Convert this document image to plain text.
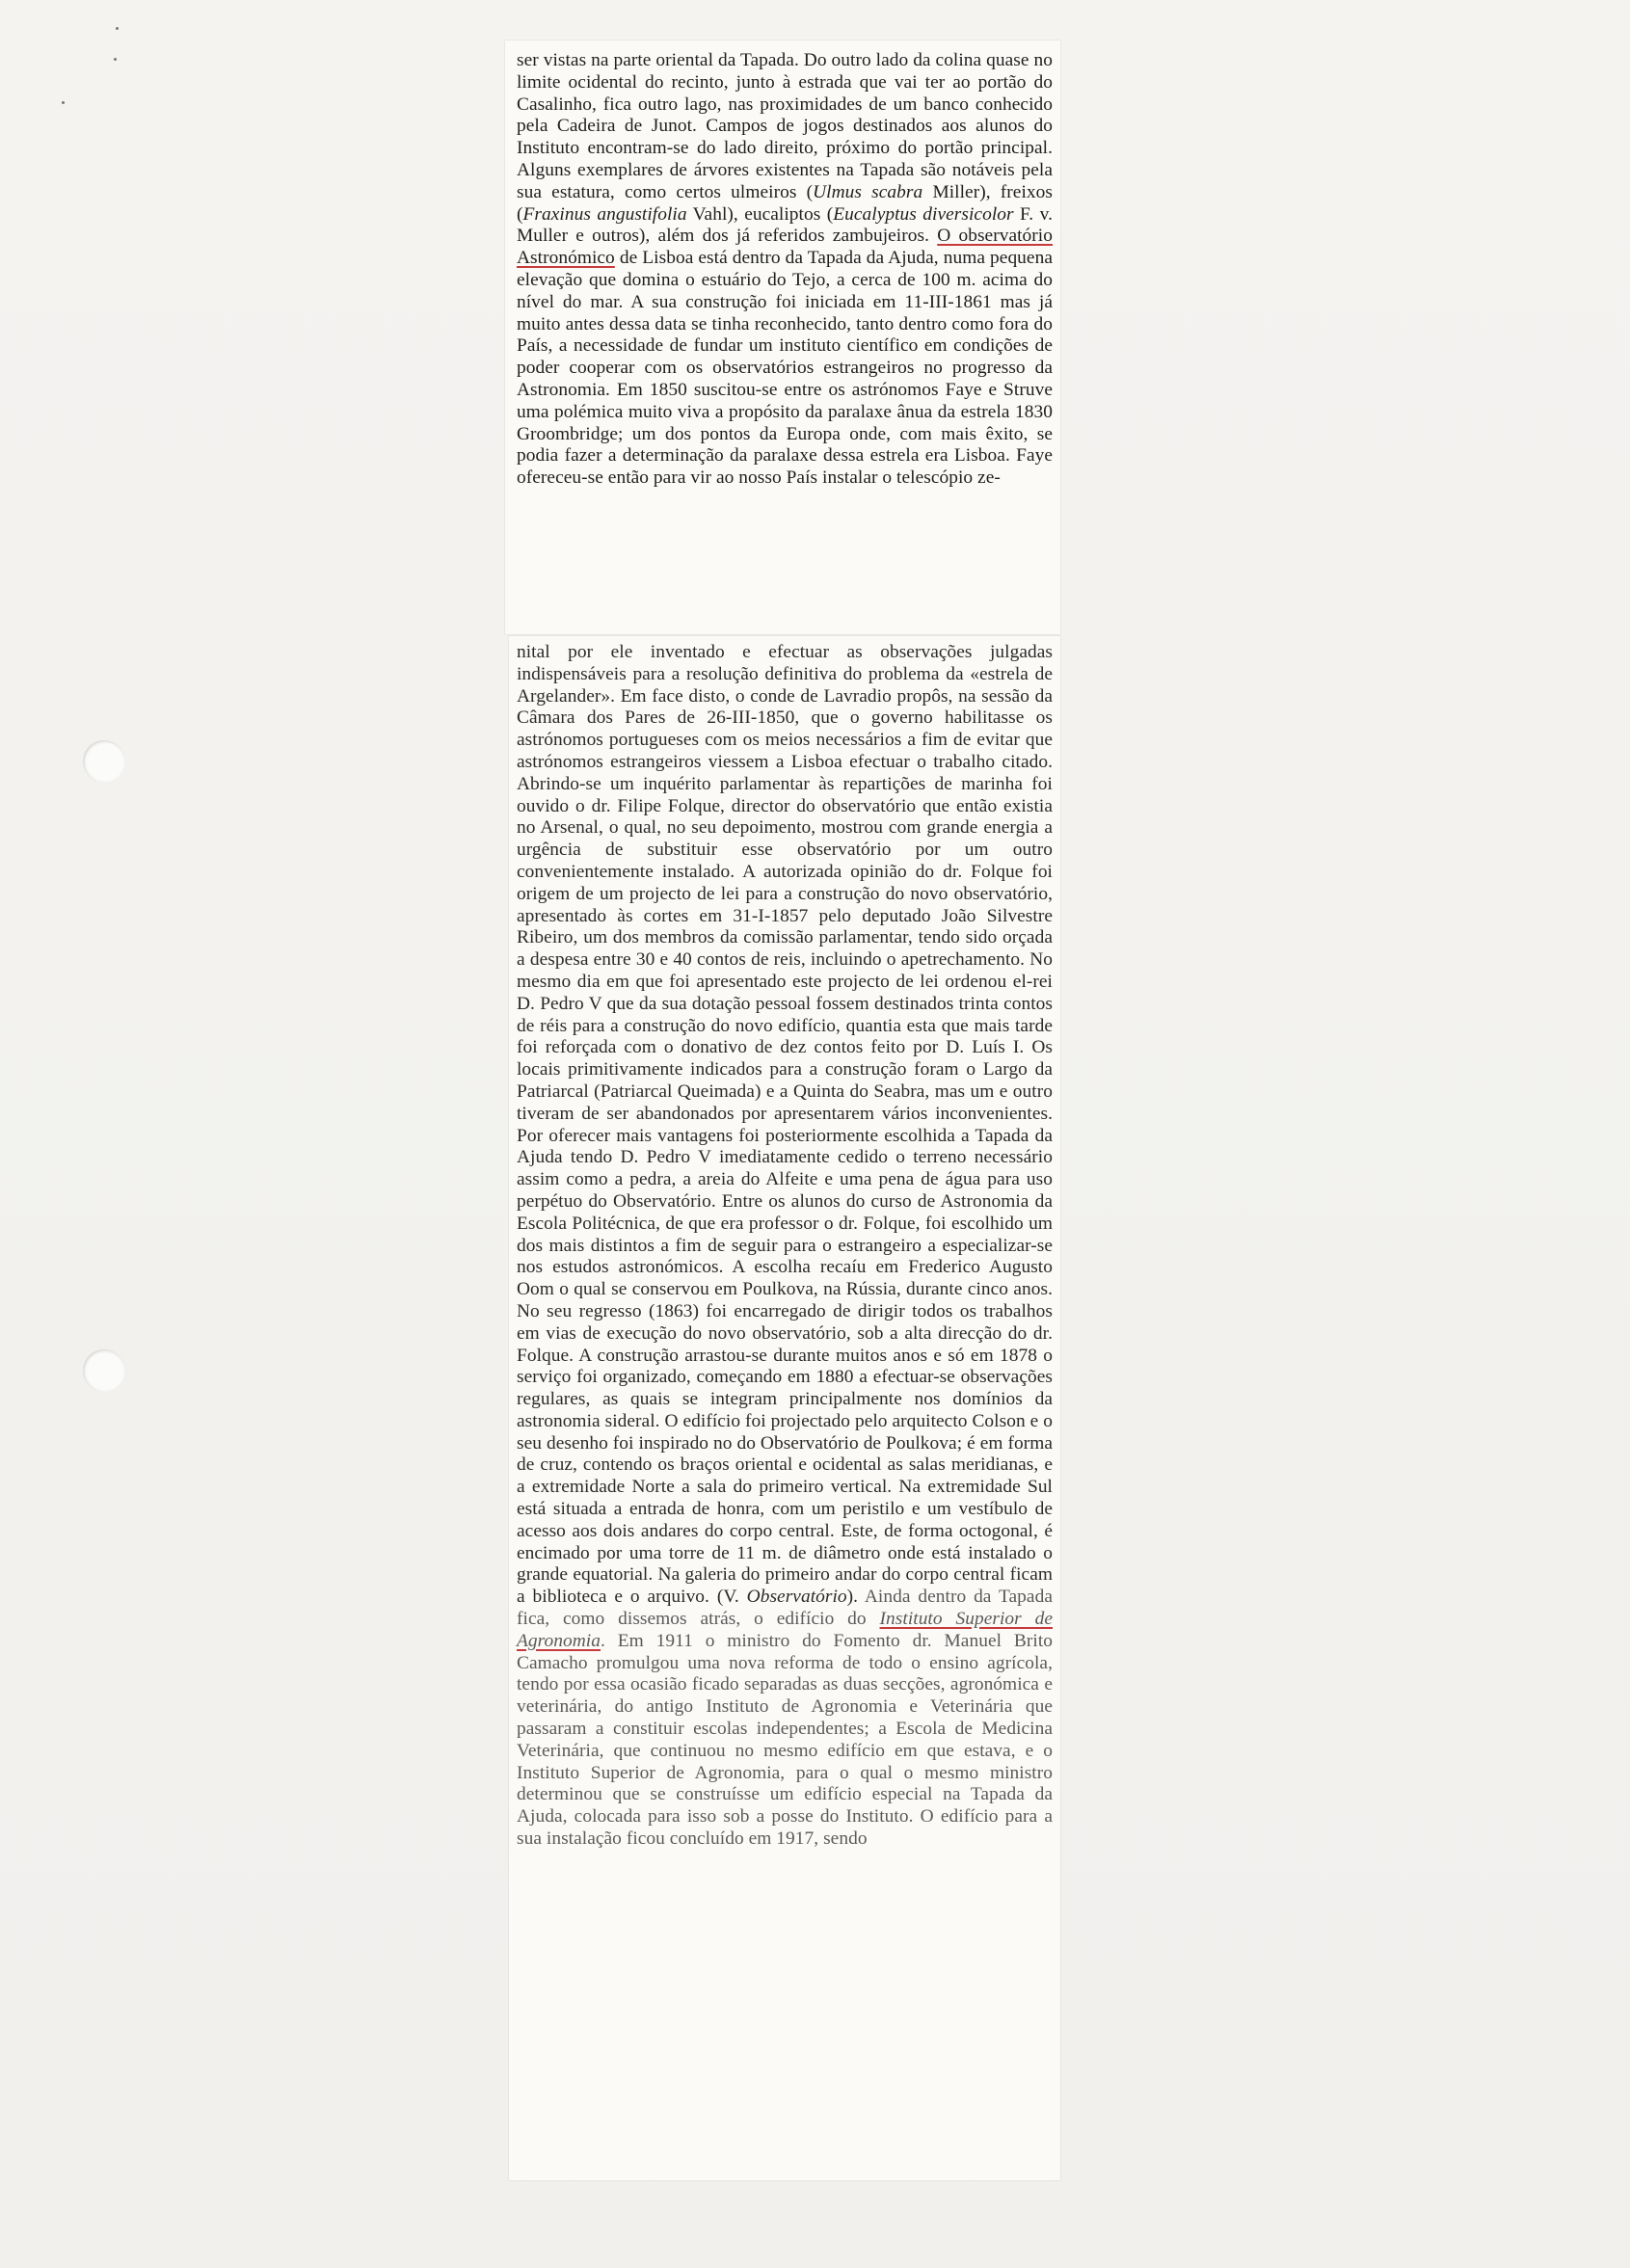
ser vistas na parte oriental da Tapada. Do outro lado da colina quase no limite ocidental do recinto, junto à estrada que vai ter ao portão do Casalinho, fica outro lago, nas proximidades de um banco conhecido pela Cadeira de Junot. Campos de jogos destinados aos alunos do Instituto encontram-se do lado direito, próximo do portão principal. Alguns exemplares de árvores existentes na Tapada são notáveis pela sua estatura, como certos ulmeiros (Ulmus scabra Miller), freixos (Fraxinus angustifolia Vahl), eucaliptos (Eucalyptus diversicolor F. v. Muller e outros), além dos já referidos zambujeiros. O observatório Astronómico de Lisboa está dentro da Tapada da Ajuda, numa pequena elevação que domina o estuário do Tejo, a cerca de 100 m. acima do nível do mar. A sua construção foi iniciada em 11-III-1861 mas já muito antes dessa data se tinha reconhecido, tanto dentro como fora do País, a necessidade de fundar um instituto científico em condições de poder cooperar com os observatórios estrangeiros no progresso da Astronomia. Em 1850 suscitou-se entre os astrónomos Faye e Struve uma polémica muito viva a propósito da paralaxe ânua da estrela 1830 Groombridge; um dos pontos da Europa onde, com mais êxito, se podia fazer a determinação da paralaxe dessa estrela era Lisboa. Faye ofereceu-se então para vir ao nosso País instalar o telescópio ze-

nital por ele inventado e efectuar as observações julgadas indispensáveis para a resolução definitiva do problema da «estrela de Argelander». Em face disto, o conde de Lavradio propôs, na sessão da Câmara dos Pares de 26-III-1850, que o governo habilitasse os astrónomos portugueses com os meios necessários a fim de evitar que astrónomos estrangeiros viessem a Lisboa efectuar o trabalho citado. Abrindo-se um inquérito parlamentar às repartições de marinha foi ouvido o dr. Filipe Folque, director do observatório que então existia no Arsenal, o qual, no seu depoimento, mostrou com grande energia a urgência de substituir esse observatório por um outro convenientemente instalado. A autorizada opinião do dr. Folque foi origem de um projecto de lei para a construção do novo observatório, apresentado às cortes em 31-I-1857 pelo deputado João Silvestre Ribeiro, um dos membros da comissão parlamentar, tendo sido orçada a despesa entre 30 e 40 contos de reis, incluindo o apetrechamento. No mesmo dia em que foi apresentado este projecto de lei ordenou el-rei D. Pedro V que da sua dotação pessoal fossem destinados trinta contos de réis para a construção do novo edifício, quantia esta que mais tarde foi reforçada com o donativo de dez contos feito por D. Luís I. Os locais primitivamente indicados para a construção foram o Largo da Patriarcal (Patriarcal Queimada) e a Quinta do Seabra, mas um e outro tiveram de ser abandonados por apresentarem vários inconvenientes. Por oferecer mais vantagens foi posteriormente escolhida a Tapada da Ajuda tendo D. Pedro V imediatamente cedido o terreno necessário assim como a pedra, a areia do Alfeite e uma pena de água para uso perpétuo do Observatório. Entre os alunos do curso de Astronomia da Escola Politécnica, de que era professor o dr. Folque, foi escolhido um dos mais distintos a fim de seguir para o estrangeiro a especializar-se nos estudos astronómicos. A escolha recaíu em Frederico Augusto Oom o qual se conservou em Poulkova, na Rússia, durante cinco anos. No seu regresso (1863) foi encarregado de dirigir todos os trabalhos em vias de execução do novo observatório, sob a alta direcção do dr. Folque. A construção arrastou-se durante muitos anos e só em 1878 o serviço foi organizado, começando em 1880 a efectuar-se observações regulares, as quais se integram principalmente nos domínios da astronomia sideral. O edifício foi projectado pelo arquitecto Colson e o seu desenho foi inspirado no do Observatório de Poulkova; é em forma de cruz, contendo os braços oriental e ocidental as salas meridianas, e a extremidade Norte a sala do primeiro vertical. Na extremidade Sul está situada a entrada de honra, com um peristilo e um vestíbulo de acesso aos dois andares do corpo central. Este, de forma octogonal, é encimado por uma torre de 11 m. de diâmetro onde está instalado o grande equatorial. Na galeria do primeiro andar do corpo central ficam a biblioteca e o arquivo. (V. Observatório). Ainda dentro da Tapada fica, como dissemos atrás, o edifício do Instituto Superior de Agronomia. Em 1911 o ministro do Fomento dr. Manuel Brito Camacho promulgou uma nova reforma de todo o ensino agrícola, tendo por essa ocasião ficado separadas as duas secções, agronómica e veterinária, do antigo Instituto de Agronomia e Veterinária que passaram a constituir escolas independentes; a Escola de Medicina Veterinária, que continuou no mesmo edifício em que estava, e o Instituto Superior de Agronomia, para o qual o mesmo ministro determinou que se construísse um edifício especial na Tapada da Ajuda, colocada para isso sob a posse do Instituto. O edifício para a sua instalação ficou concluído em 1917, sendo
